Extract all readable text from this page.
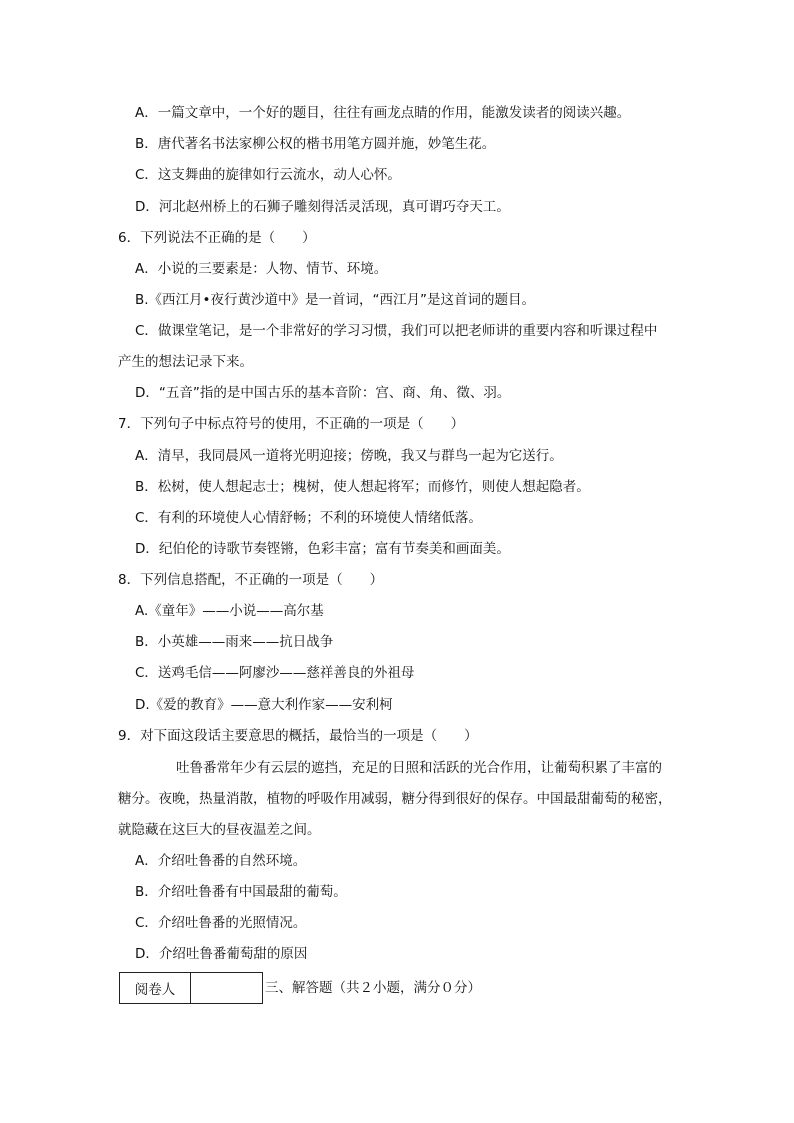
A．一篇文章中，一个好的题目，往往有画龙点睛的作用，能激发读者的阅读兴趣。
B．唐代著名书法家柳公权的楷书用笔方圆并施，妙笔生花。
C．这支舞曲的旋律如行云流水，动人心怀。
D．河北赵州桥上的石狮子雕刻得活灵活现，真可谓巧夺天工。
6．下列说法不正确的是（　　）
A．小说的三要素是：人物、情节、环境。
B.《西江月•夜行黄沙道中》是一首词，“西江月”是这首词的题目。
C．做课堂笔记，是一个非常好的学习习惯，我们可以把老师讲的重要内容和听课过程中
产生的想法记录下来。
D．“五音”指的是中国古乐的基本音阶：宫、商、角、徵、羽。
7．下列句子中标点符号的使用，不正确的一项是（　　）
A．清早，我同晨风一道将光明迎接；傍晚，我又与群鸟一起为它送行。
B．松树，使人想起志士；槐树，使人想起将军；而修竹，则使人想起隐者。
C．有利的环境使人心情舒畅；不利的环境使人情绪低落。
D．纪伯伦的诗歌节奏铿锵，色彩丰富；富有节奏美和画面美。
8．下列信息搭配，不正确的一项是（　　）
A.《童年》——小说——高尔基
B．小英雄——雨来——抗日战争
C．送鸡毛信——阿廖沙——慈祥善良的外祖母
D.《爱的教育》——意大利作家——安利柯
9．对下面这段话主要意思的概括，最恰当的一项是（　　）
吐鲁番常年少有云层的遮挡，充足的日照和活跃的光合作用，让葡萄积累了丰富的
糖分。夜晚，热量消散，植物的呼吸作用减弱，糖分得到很好的保存。中国最甜葡萄的秘密，
就隐藏在这巨大的昼夜温差之间。
A．介绍吐鲁番的自然环境。
B．介绍吐鲁番有中国最甜的葡萄。
C．介绍吐鲁番的光照情况。
D．介绍吐鲁番葡萄甜的原因
阅卷人	三、解答题（共２小题，满分０分）
